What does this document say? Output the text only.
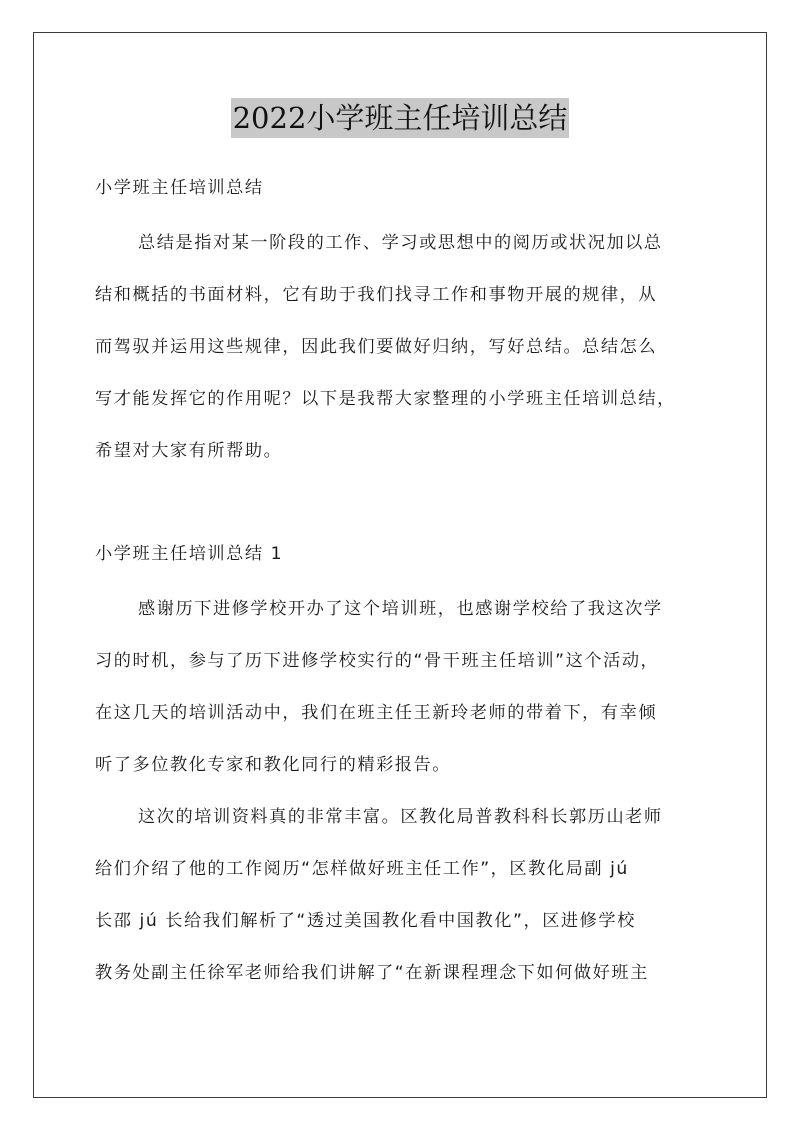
2022小学班主任培训总结
小学班主任培训总结
总结是指对某一阶段的工作、学习或思想中的阅历或状况加以总
结和概括的书面材料，它有助于我们找寻工作和事物开展的规律，从
而驾驭并运用这些规律，因此我们要做好归纳，写好总结。总结怎么
写才能发挥它的作用呢？以下是我帮大家整理的小学班主任培训总结，
希望对大家有所帮助。
小学班主任培训总结 1
感谢历下进修学校开办了这个培训班，也感谢学校给了我这次学
习的时机，参与了历下进修学校实行的“骨干班主任培训”这个活动，
在这几天的培训活动中，我们在班主任王新玲老师的带着下，有幸倾
听了多位教化专家和教化同行的精彩报告。
这次的培训资料真的非常丰富。区教化局普教科科长郭历山老师
给们介绍了他的工作阅历“怎样做好班主任工作”，区教化局副 jú
长邵 jú 长给我们解析了“透过美国教化看中国教化”，区进修学校
教务处副主任徐军老师给我们讲解了“在新课程理念下如何做好班主
